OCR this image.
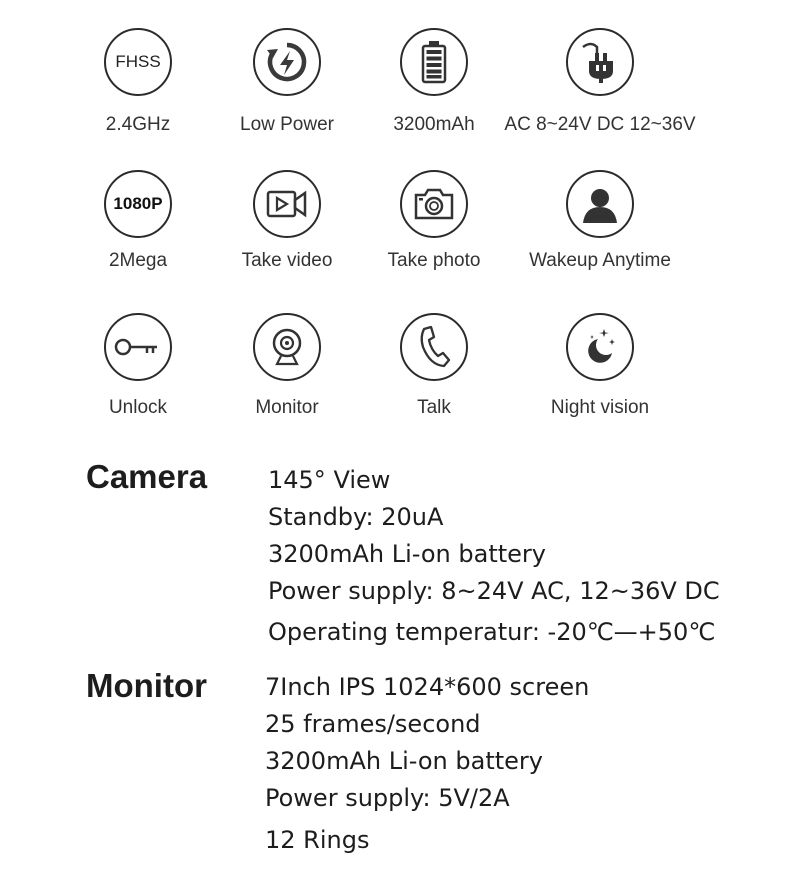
FHSS
2.4GHz	Low Power	3200mAh	AC 8~24V DC 12~36V
1080P
2Mega	Take video	Take photo	Wakeup Anytime
Unlock	Monitor	Talk	Night vision
Camera	145° View
Standby: 20uA
3200mAh Li-on battery
Power supply: 8~24V AC, 12~36V DC
Operating temperatur: -20℃—+50℃
Monitor 7Inch IPS 1024*600 screen
25 frames/second
3200mAh Li-on battery
Power supply: 5V/2A
12 Rings
